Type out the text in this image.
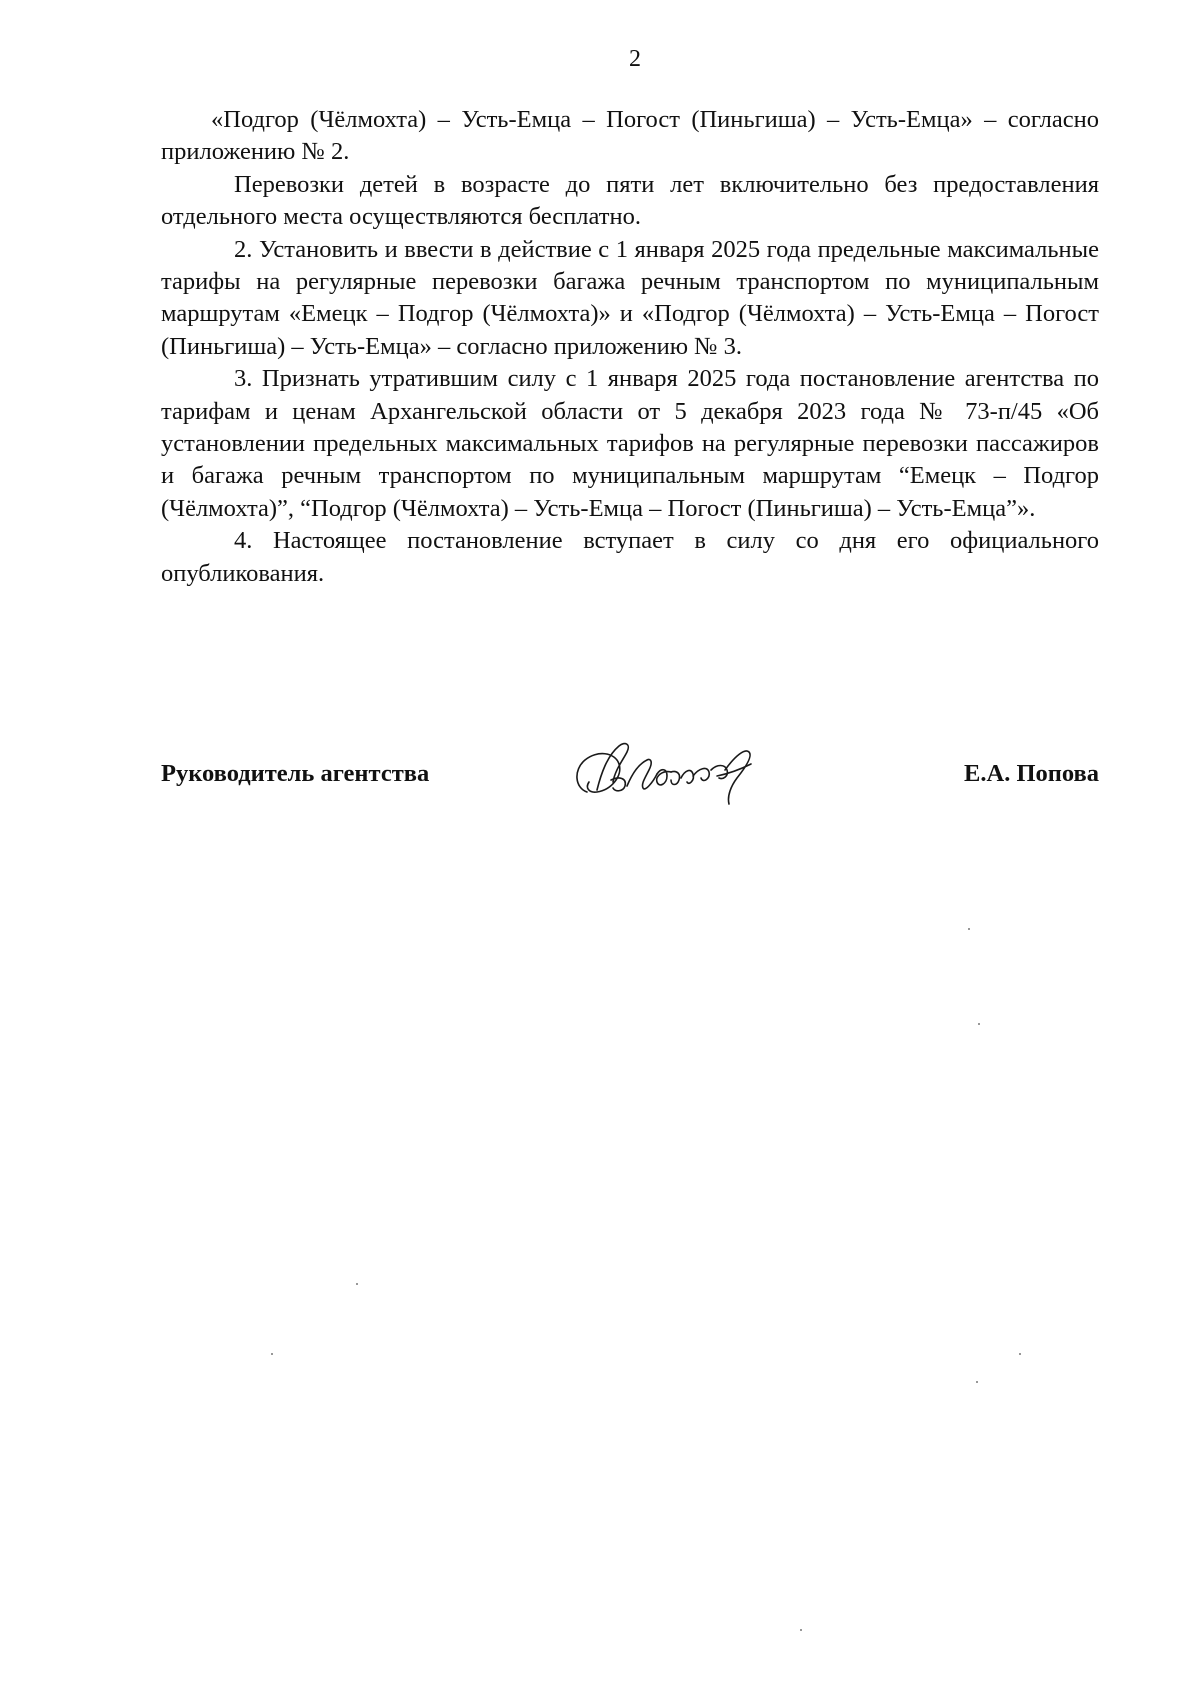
2

«Подгор (Чёлмохта) – Усть-Емца – Погост (Пиньгиша) – Усть-Емца» – согласно приложению № 2.

Перевозки детей в возрасте до пяти лет включительно без предоставления отдельного места осуществляются бесплатно.

2. Установить и ввести в действие с 1 января 2025 года предельные максимальные тарифы на регулярные перевозки багажа речным транспортом по муниципальным маршрутам «Емецк – Подгор (Чёлмохта)» и «Подгор (Чёлмохта) – Усть-Емца – Погост (Пиньгиша) – Усть-Емца» – согласно приложению № 3.

3. Признать утратившим силу с 1 января 2025 года постановление агентства по тарифам и ценам Архангельской области от 5 декабря 2023 года № 73-п/45 «Об установлении предельных максимальных тарифов на регулярные перевозки пассажиров и багажа речным транспортом по муниципальным маршрутам “Емецк – Подгор (Чёлмохта)”, “Подгор (Чёлмохта) – Усть-Емца – Погост (Пиньгиша) – Усть-Емца”».

4. Настоящее постановление вступает в силу со дня его официального опубликования.

Руководитель агентства	Е.А. Попова
